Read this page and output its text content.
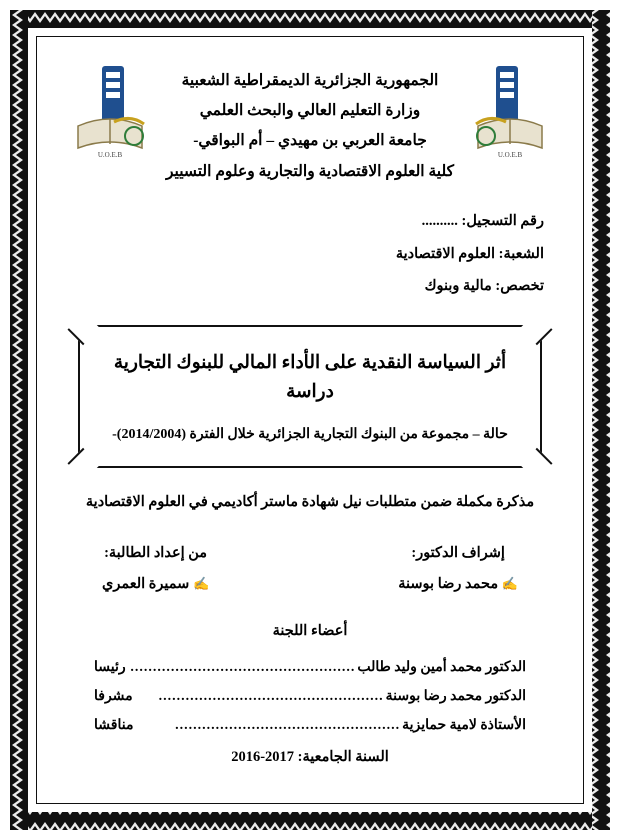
U.O.E.B
U.O.E.B
الجمهورية الجزائرية الديمقراطية الشعبية
وزارة التعليم العالي والبحث العلمي
جامعة العربي بن مهيدي – أم البواقي-
كلية العلوم الاقتصادية والتجارية وعلوم التسيير
رقم التسجيل: ..........
الشعبة: العلوم الاقتصادية
تخصص: مالية وبنوك
أثر السياسة النقدية على الأداء المالي للبنوك التجارية دراسة
حالة – مجموعة من البنوك التجارية الجزائرية خلال الفترة (2014/2004)-
مذكرة مكملة ضمن متطلبات نيل شهادة ماستر أكاديمي في العلوم الاقتصادية
إشراف الدكتور:
✍ محمد رضا بوسنة
من إعداد الطالبة:
✍ سميرة العمري
أعضاء اللجنة
الدكتور محمد أمين وليد طالب
..................................................
رئيسا
الدكتور محمد رضا بوسنة
..................................................
مشرفا
الأستاذة لامية حمايزية
..................................................
مناقشا
السنة الجامعية: 2017-2016
